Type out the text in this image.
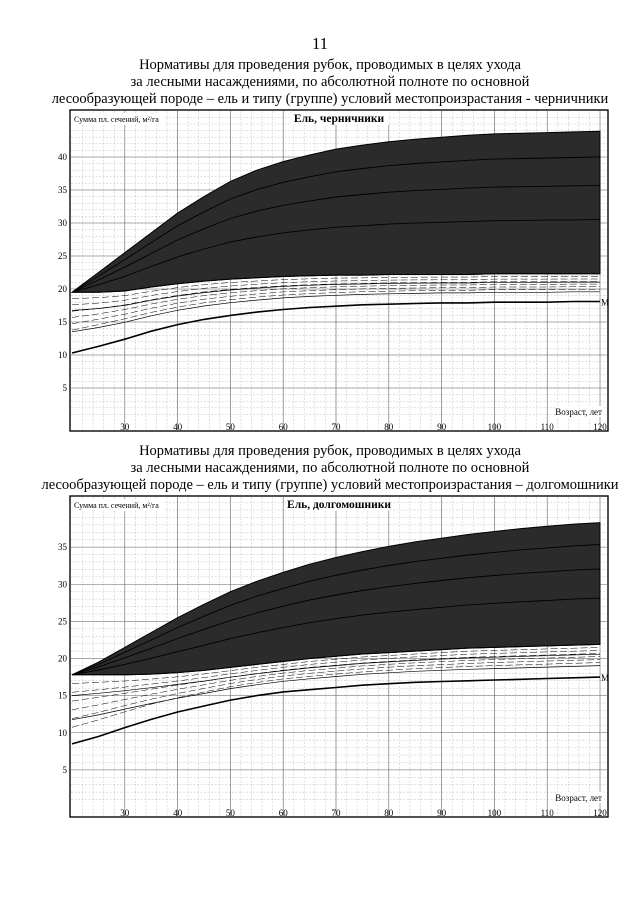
11
Нормативы для проведения рубок, проводимых в целях ухода
за лесными насаждениями, по абсолютной полноте по основной
лесообразующей породе – ель и типу (группе) условий местопроизрастания - черничники
М
5
10
15
20
25
30
35
40
30	40	50	60	70	80	90	100	110	120
Сумма пл. сечений, м²/га	Ель, черничники
Возраст, лет
Нормативы для проведения рубок, проводимых в целях ухода
за лесными насаждениями, по абсолютной полноте по основной
лесообразующей породе – ель и типу (группе) условий местопроизрастания – долгомошники
М
5
10
15
20
25
30
35
30	40	50	60	70	80	90	100	110	120
Сумма пл. сечений, м²/га	Ель, долгомошники
Возраст, лет
